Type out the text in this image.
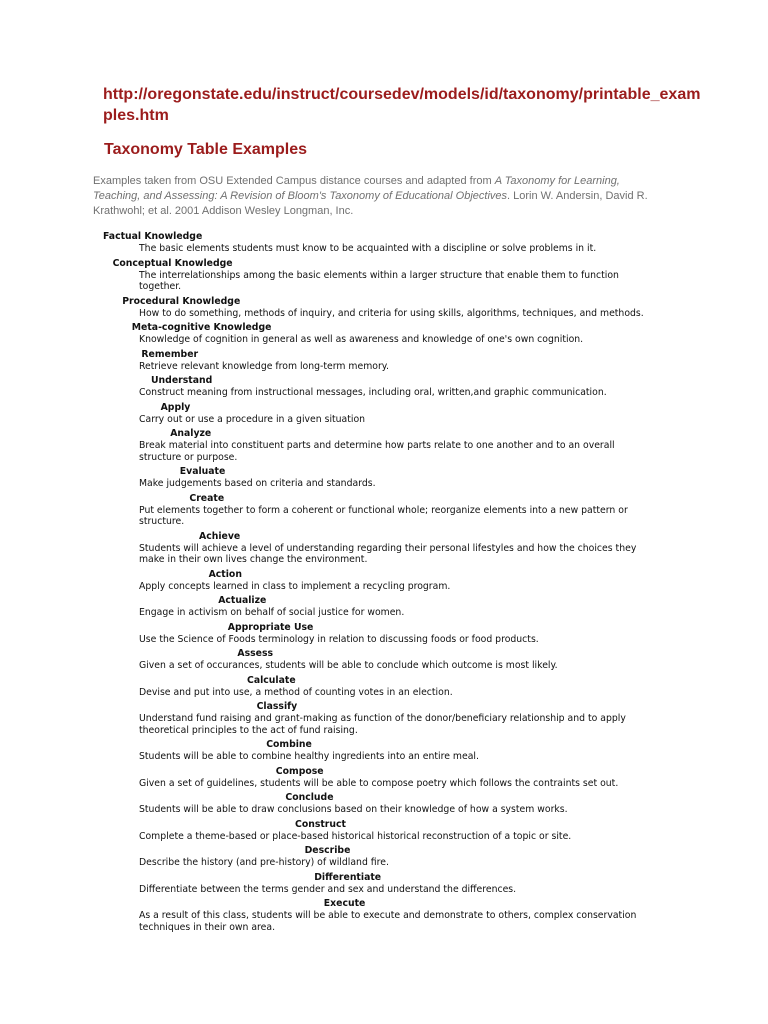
http://oregonstate.edu/instruct/coursedev/models/id/taxonomy/printable_examples.htm

Taxonomy Table Examples

Examples taken from OSU Extended Campus distance courses and adapted from A Taxonomy for Learning, Teaching, and Assessing: A Revision of Bloom's Taxonomy of Educational Objectives. Lorin W. Andersin, David R. Krathwohl; et al. 2001 Addison Wesley Longman, Inc.

Factual Knowledge
The basic elements students must know to be acquainted with a discipline or solve problems in it.
Conceptual Knowledge
The interrelationships among the basic elements within a larger structure that enable them to function together.
Procedural Knowledge
How to do something, methods of inquiry, and criteria for using skills, algorithms, techniques, and methods.
Meta-cognitive Knowledge
Knowledge of cognition in general as well as awareness and knowledge of one's own cognition.
Remember
Retrieve relevant knowledge from long-term memory.
Understand
Construct meaning from instructional messages, including oral, written,and graphic communication.
Apply
Carry out or use a procedure in a given situation
Analyze
Break material into constituent parts and determine how parts relate to one another and to an overall structure or purpose.
Evaluate
Make judgements based on criteria and standards.
Create
Put elements together to form a coherent or functional whole; reorganize elements into a new pattern or structure.
Achieve
Students will achieve a level of understanding regarding their personal lifestyles and how the choices they make in their own lives change the environment.
Action
Apply concepts learned in class to implement a recycling program.
Actualize
Engage in activism on behalf of social justice for women.
Appropriate Use
Use the Science of Foods terminology in relation to discussing foods or food products.
Assess
Given a set of occurances, students will be able to conclude which outcome is most likely.
Calculate
Devise and put into use, a method of counting votes in an election.
Classify
Understand fund raising and grant-making as function of the donor/beneficiary relationship and to apply theoretical principles to the act of fund raising.
Combine
Students will be able to combine healthy ingredients into an entire meal.
Compose
Given a set of guidelines, students will be able to compose poetry which follows the contraints set out.
Conclude
Students will be able to draw conclusions based on their knowledge of how a system works.
Construct
Complete a theme-based or place-based historical historical reconstruction of a topic or site.
Describe
Describe the history (and pre-history) of wildland fire.
Differentiate
Differentiate between the terms gender and sex and understand the differences.
Execute
As a result of this class, students will be able to execute and demonstrate to others, complex conservation techniques in their own area.
